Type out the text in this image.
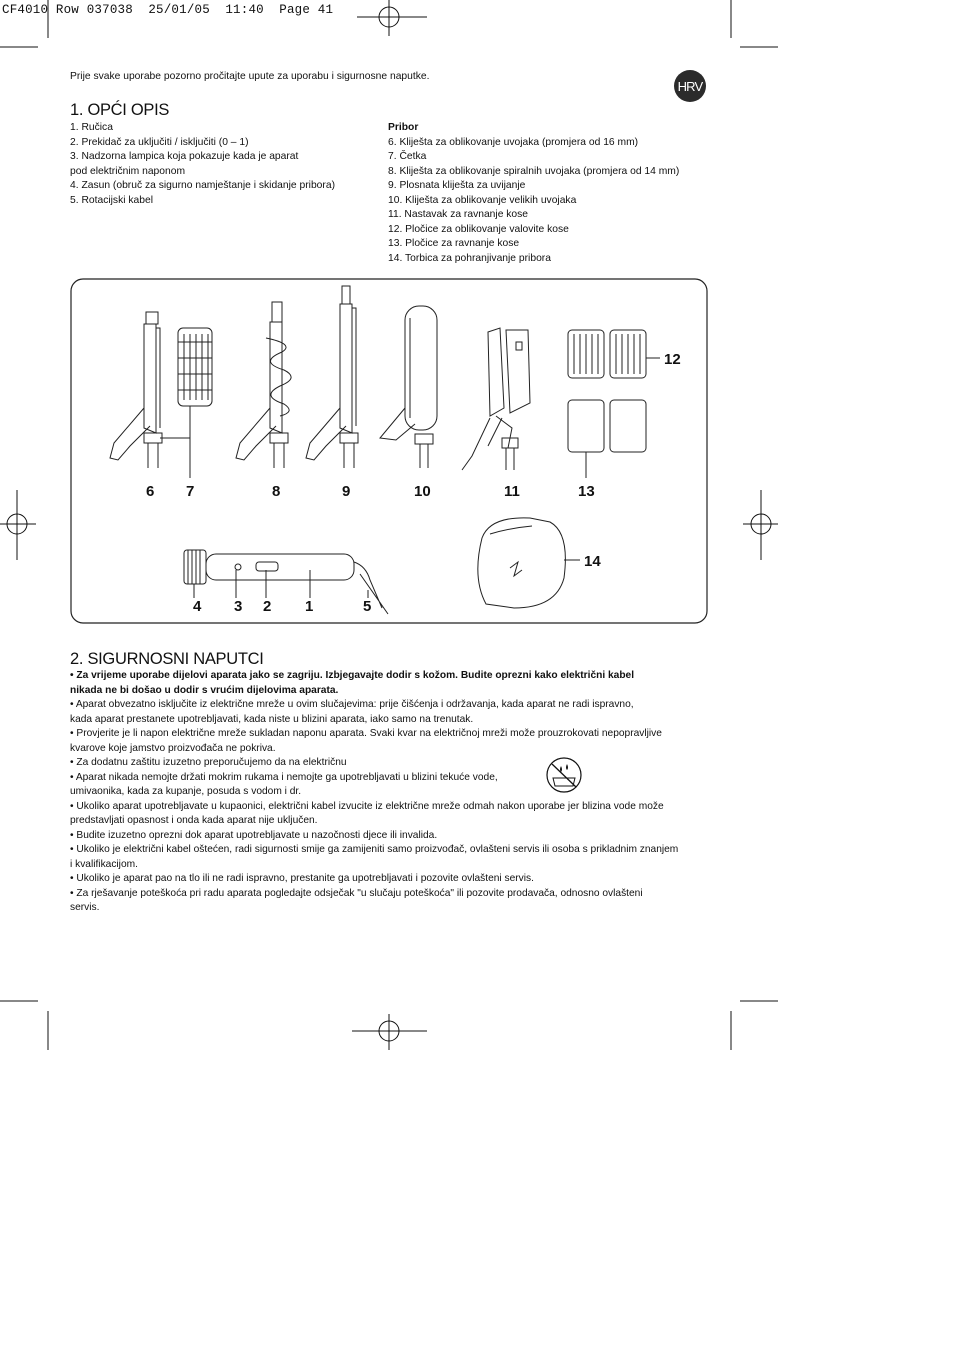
CF4010 Row 037038  25/01/05  11:40  Page 41
Prije svake uporabe pozorno pročitajte upute za uporabu i sigurnosne naputke.
HRV
1. OPĆI OPIS

1. Ručica

2. Prekidač za uključiti / isključiti (0 – 1)

3. Nadzorna lampica koja pokazuje kada je aparat

pod električnim naponom

4. Zasun (obruč za sigurno namještanje i skidanje pribora)

5. Rotacijski kabel

Pribor

6. Kliješta za oblikovanje uvojaka (promjera od 16 mm)

7. Četka

8. Kliješta za oblikovanje spiralnih uvojaka (promjera od 14 mm)

9. Plosnata kliješta za uvijanje

10. Kliješta za oblikovanje velikih uvojaka

11. Nastavak za ravnanje kose

12. Pločice za oblikovanje valovite kose

13. Pločice za ravnanje kose

14. Torbica za pohranjivanje pribora

6 7	8	9	10	11
12
13
14
4 3 2 1	5
2. SIGURNOSNI NAPUTCI

• Za vrijeme uporabe dijelovi aparata jako se zagriju. Izbjegavajte dodir s kožom. Budite oprezni kako električni kabel

nikada ne bi došao u dodir s vrućim dijelovima aparata.

• Aparat obvezatno isključite iz električne mreže u ovim slučajevima: prije čišćenja i održavanja, kada aparat ne radi ispravno,

kada aparat prestanete upotrebljavati, kada niste u blizini aparata, iako samo na trenutak.

• Provjerite je li napon električne mreže sukladan naponu aparata. Svaki kvar na električnoj mreži može prouzrokovati nepopravljive

kvarove koje jamstvo proizvođača ne pokriva.

• Za dodatnu zaštitu izuzetno preporučujemo da na električnu

• Aparat nikada nemojte držati mokrim rukama i nemojte ga upotrebljavati u blizini tekuće vode,

umivaonika, kada za kupanje, posuda s vodom i dr.

• Ukoliko aparat upotrebljavate u kupaonici, električni kabel izvucite iz električne mreže odmah nakon uporabe jer blizina vode može

predstavljati opasnost i onda kada aparat nije uključen.

• Budite izuzetno oprezni dok aparat upotrebljavate u nazočnosti djece ili invalida.

• Ukoliko je električni kabel oštećen, radi sigurnosti smije ga zamijeniti samo proizvođač, ovlašteni servis ili osoba s prikladnim znanjem

i kvalifikacijom.

• Ukoliko je aparat pao na tlo ili ne radi ispravno, prestanite ga upotrebljavati i pozovite ovlašteni servis.

• Za rješavanje poteškoća pri radu aparata pogledajte odsječak "u slučaju poteškoća" ili pozovite prodavača, odnosno ovlašteni

servis.
